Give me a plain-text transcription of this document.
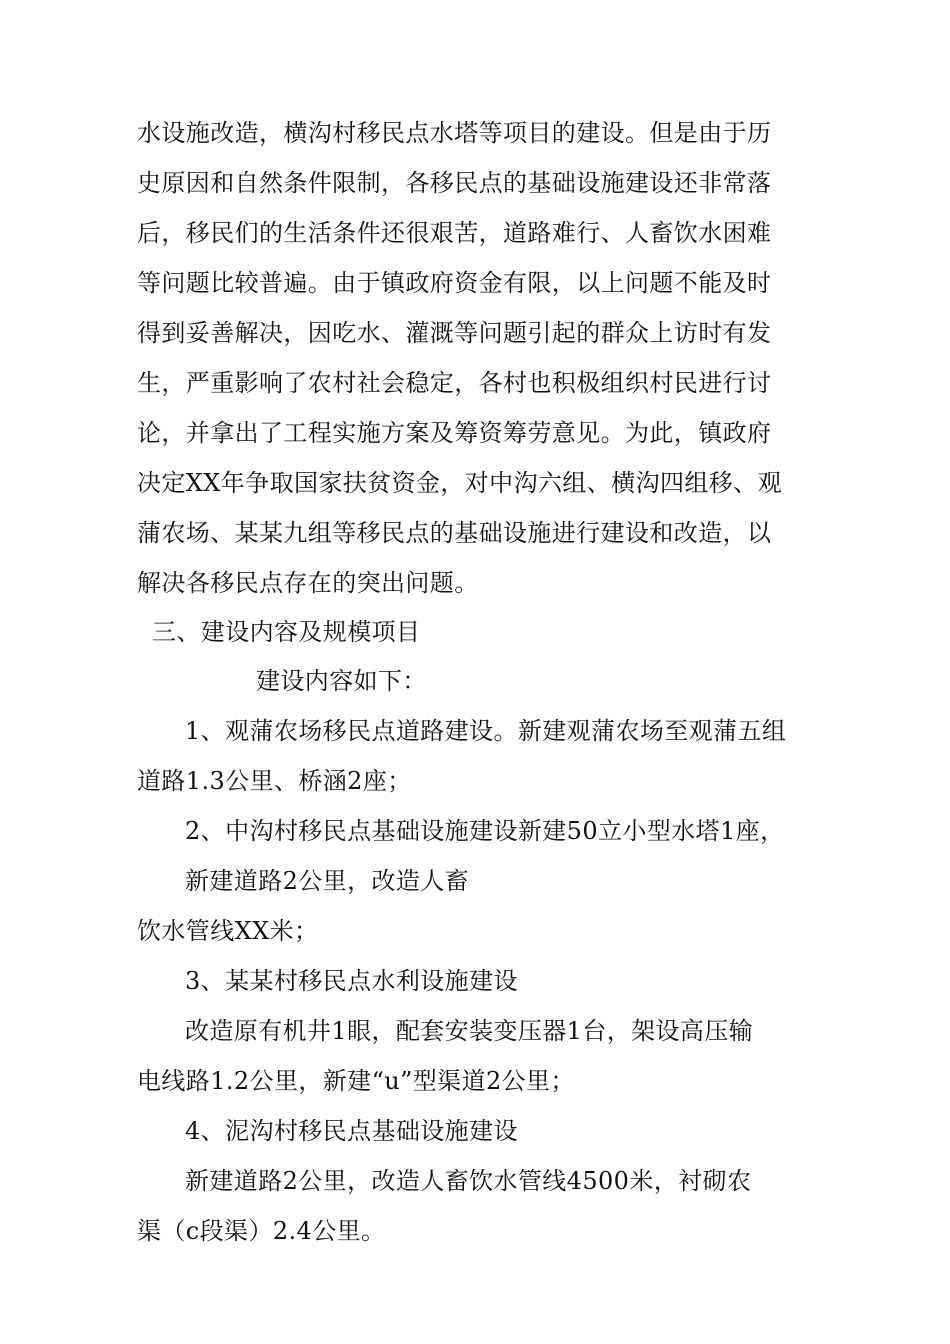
水设施改造，横沟村移民点水塔等项目的建设。但是由于历
史原因和自然条件限制，各移民点的基础设施建设还非常落
后，移民们的生活条件还很艰苦，道路难行、人畜饮水困难
等问题比较普遍。由于镇政府资金有限，以上问题不能及时
得到妥善解决，因吃水、灌溉等问题引起的群众上访时有发
生，严重影响了农村社会稳定，各村也积极组织村民进行讨
论，并拿出了工程实施方案及筹资筹劳意见。为此，镇政府
决定XX年争取国家扶贫资金，对中沟六组、横沟四组移、观
蒲农场、某某九组等移民点的基础设施进行建设和改造，以
解决各移民点存在的突出问题。
三、建设内容及规模项目
建设内容如下：
1、观蒲农场移民点道路建设。新建观蒲农场至观蒲五组
道路1.3公里、桥涵2座；
2、中沟村移民点基础设施建设新建50立小型水塔1座，
新建道路2公里，改造人畜
饮水管线XX米；
3、某某村移民点水利设施建设
改造原有机井1眼，配套安装变压器1台，架设高压输
电线路1.2公里，新建“u”型渠道2公里；
4、泥沟村移民点基础设施建设
新建道路2公里，改造人畜饮水管线4500米，衬砌农
渠（c段渠）2.4公里。
